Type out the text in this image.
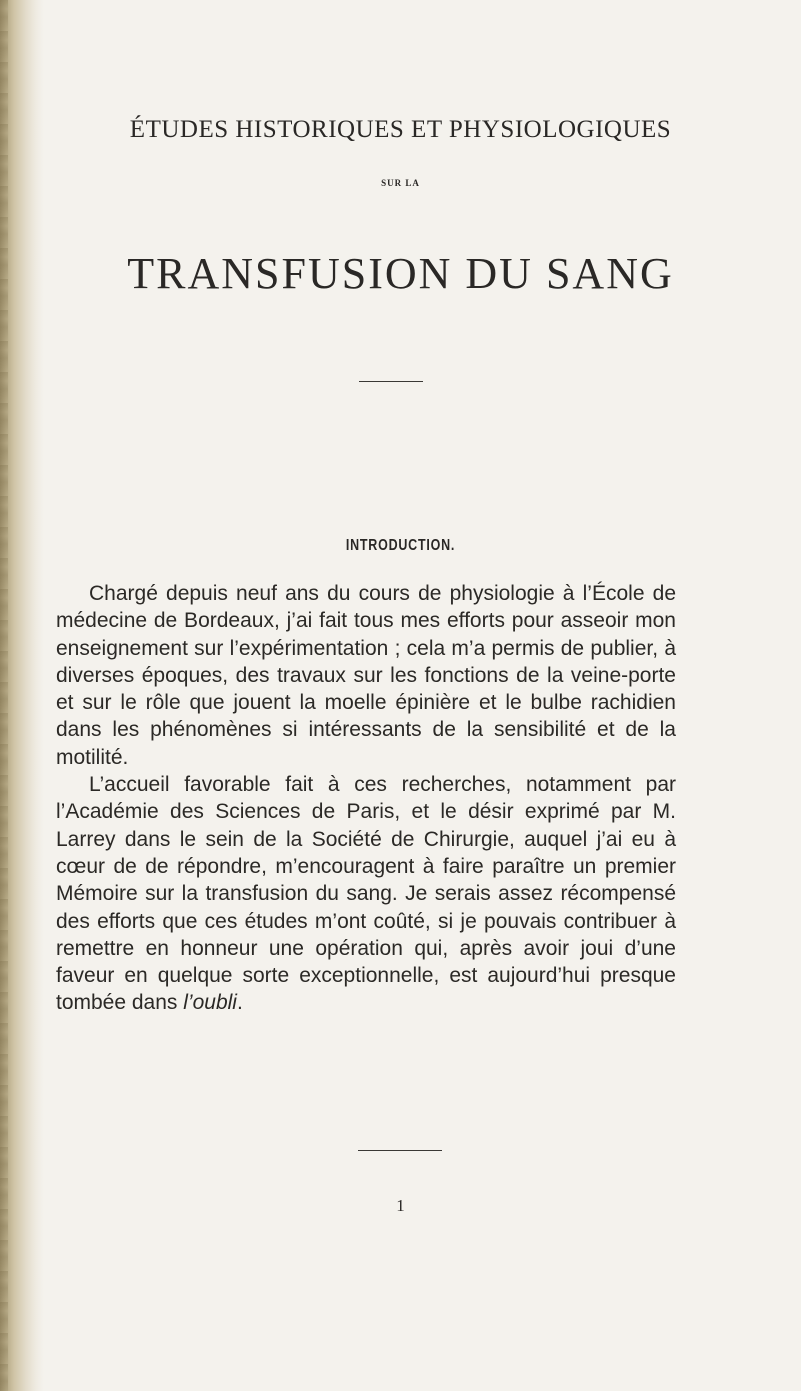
ÉTUDES HISTORIQUES ET PHYSIOLOGIQUES
SUR LA
TRANSFUSION DU SANG
INTRODUCTION.

Chargé depuis neuf ans du cours de physiologie à l’École de médecine de Bordeaux, j’ai fait tous mes efforts pour asseoir mon enseignement sur l’expérimentation ; cela m’a permis de publier, à diverses époques, des travaux sur les fonctions de la veine-porte et sur le rôle que jouent la moelle épinière et le bulbe rachidien dans les phénomènes si intéressants de la sensibilité et de la motilité.

L’accueil favorable fait à ces recherches, notamment par l’Académie des Sciences de Paris, et le désir exprimé par M. Larrey dans le sein de la Société de Chirurgie, auquel j’ai eu à cœur de de répondre, m’encouragent à faire paraître un premier Mémoire sur la transfusion du sang. Je serais assez récompensé des efforts que ces études m’ont coûté, si je pouvais contribuer à remettre en honneur une opération qui, après avoir joui d’une faveur en quelque sorte exceptionnelle, est aujourd’hui presque tombée dans l’oubli.

1
